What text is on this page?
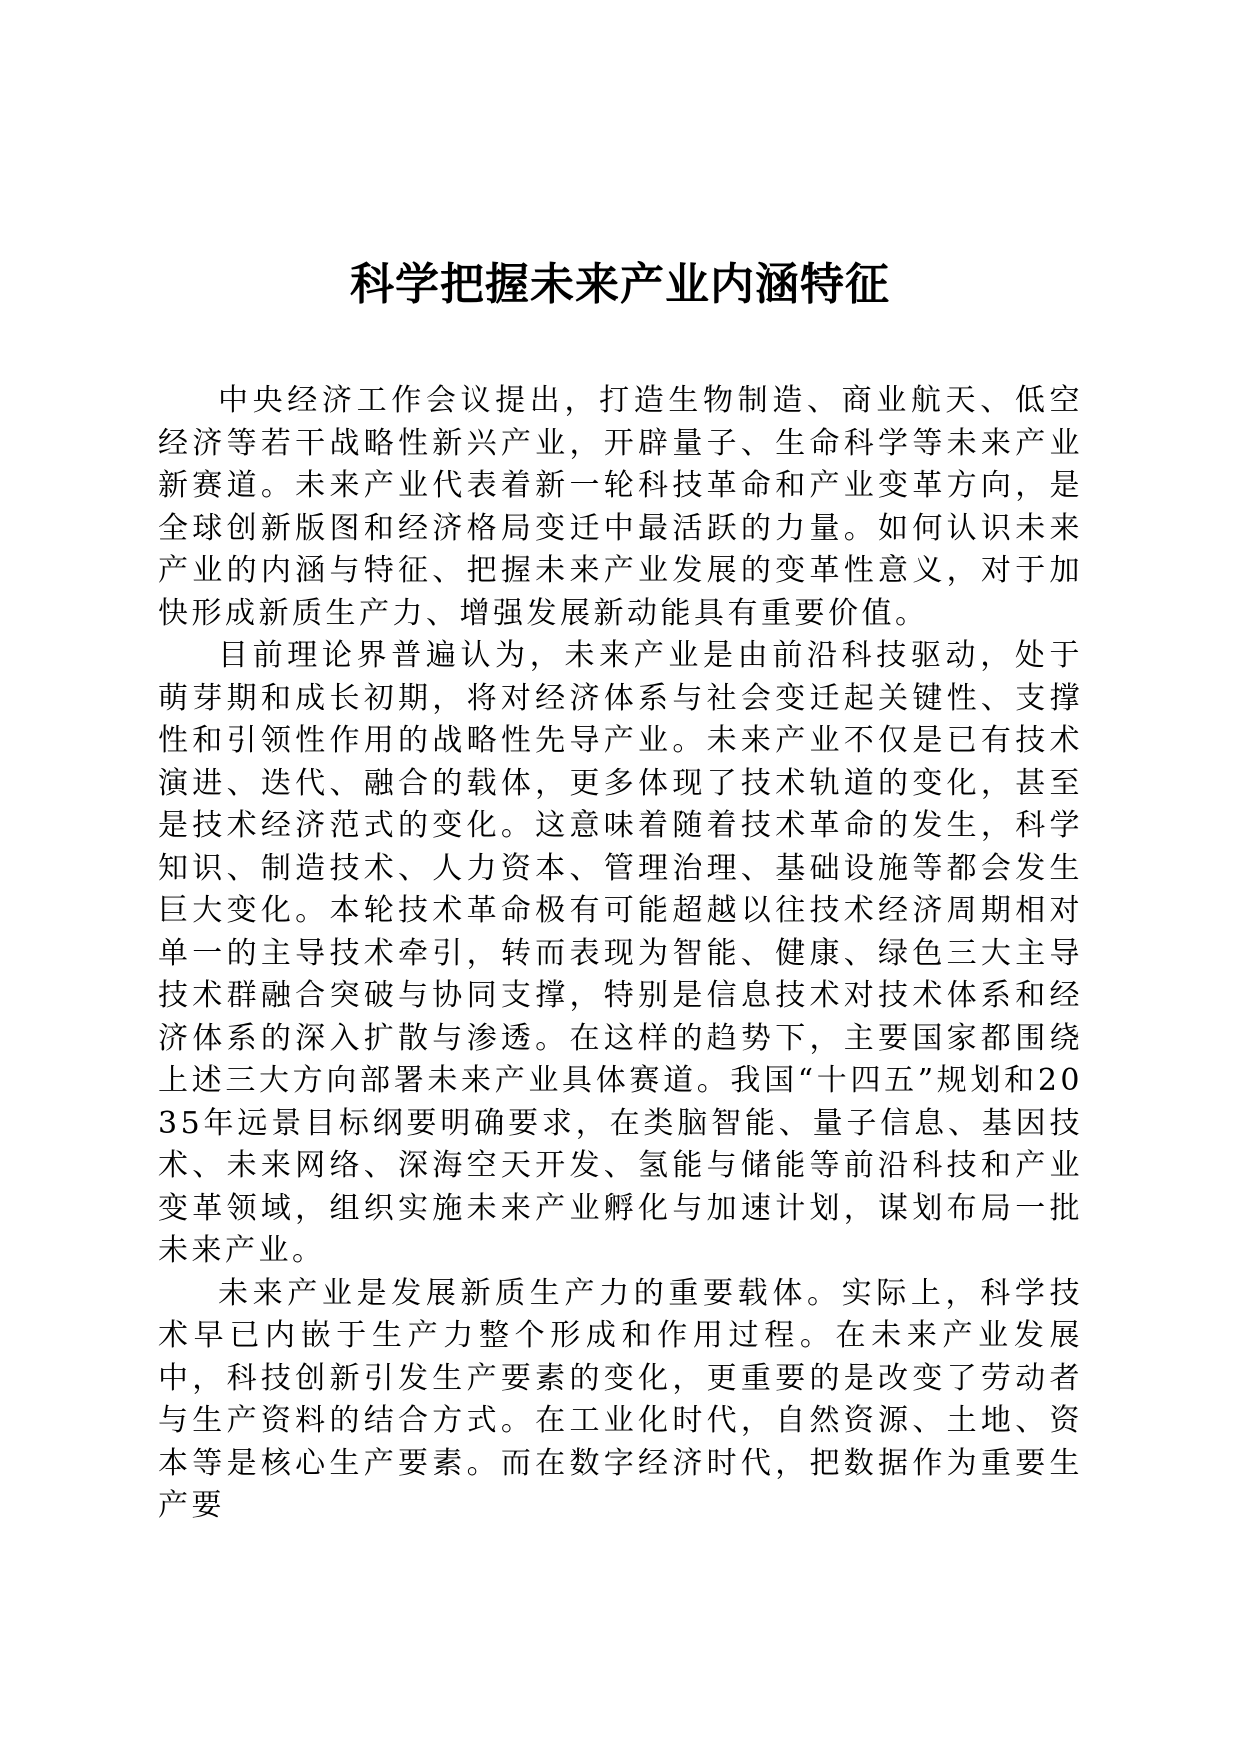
科学把握未来产业内涵特征

中央经济工作会议提出，打造生物制造、商业航天、低空经济等若干战略性新兴产业，开辟量子、生命科学等未来产业新赛道。未来产业代表着新一轮科技革命和产业变革方向，是全球创新版图和经济格局变迁中最活跃的力量。如何认识未来产业的内涵与特征、把握未来产业发展的变革性意义，对于加快形成新质生产力、增强发展新动能具有重要价值。

目前理论界普遍认为，未来产业是由前沿科技驱动，处于萌芽期和成长初期，将对经济体系与社会变迁起关键性、支撑性和引领性作用的战略性先导产业。未来产业不仅是已有技术演进、迭代、融合的载体，更多体现了技术轨道的变化，甚至是技术经济范式的变化。这意味着随着技术革命的发生，科学知识、制造技术、人力资本、管理治理、基础设施等都会发生巨大变化。本轮技术革命极有可能超越以往技术经济周期相对单一的主导技术牵引，转而表现为智能、健康、绿色三大主导技术群融合突破与协同支撑，特别是信息技术对技术体系和经济体系的深入扩散与渗透。在这样的趋势下，主要国家都围绕上述三大方向部署未来产业具体赛道。我国“十四五”规划和2035年远景目标纲要明确要求，在类脑智能、量子信息、基因技术、未来网络、深海空天开发、氢能与储能等前沿科技和产业变革领域，组织实施未来产业孵化与加速计划，谋划布局一批未来产业。

未来产业是发展新质生产力的重要载体。实际上，科学技术早已内嵌于生产力整个形成和作用过程。在未来产业发展中，科技创新引发生产要素的变化，更重要的是改变了劳动者与生产资料的结合方式。在工业化时代，自然资源、土地、资本等是核心生产要素。而在数字经济时代，把数据作为重要生产要
